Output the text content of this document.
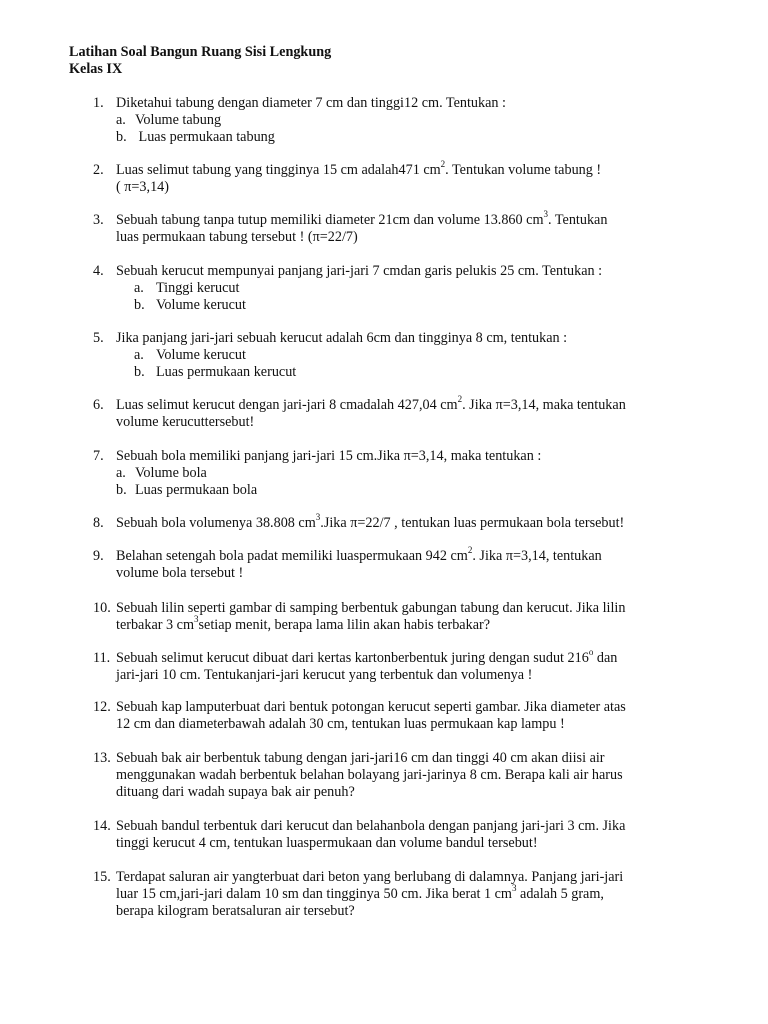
Latihan Soal Bangun Ruang Sisi Lengkung
Kelas IX
1. Diketahui tabung dengan diameter 7 cm dan tinggi12 cm. Tentukan :
a. Volume tabung
b. Luas permukaan tabung
2. Luas selimut tabung yang tingginya 15 cm adalah471 $cm^2$. Tentukan volume tabung !
( π=3,14)
3. Sebuah tabung tanpa tutup memiliki diameter 21cm dan volume 13.860 $cm^3$. Tentukan
luas permukaan tabung tersebut ! (π=22/7)
4. Sebuah kerucut mempunyai panjang jari-jari 7 cmdan garis pelukis 25 cm. Tentukan :
a. Tinggi kerucut
b. Volume kerucut
5. Jika panjang jari-jari sebuah kerucut adalah 6cm dan tingginya 8 cm, tentukan :
a. Volume kerucut
b. Luas permukaan kerucut
6. Luas selimut kerucut dengan jari-jari 8 cmadalah 427,04 $cm^2$. Jika π=3,14, maka tentukan
volume kerucuttersebut!
7. Sebuah bola memiliki panjang jari-jari 15 cm.Jika π=3,14, maka tentukan :
a. Volume bola
b. Luas permukaan bola
8. Sebuah bola volumenya 38.808 $cm^3.Jika$ π=22/7 , tentukan luas permukaan bola tersebut!
9. Belahan setengah bola padat memiliki luaspermukaan 942 $cm^2$. Jika π=3,14, tentukan
volume bola tersebut !
10. Sebuah lilin seperti gambar di samping berbentuk gabungan tabung dan kerucut. Jika lilin
terbakar 3 $cm^3setiap$ menit, berapa lama lilin akan habis terbakar?
11. Sebuah selimut kerucut dibuat dari kertas kartonberbentuk juring dengan sudut 216$^o$ dan
jari-jari 10 cm. Tentukanjari-jari kerucut yang terbentuk dan volumenya !
12. Sebuah kap lamputerbuat dari bentuk potongan kerucut seperti gambar. Jika diameter atas
12 cm dan diameterbawah adalah 30 cm, tentukan luas permukaan kap lampu !
13. Sebuah bak air berbentuk tabung dengan jari-jari16 cm dan tinggi 40 cm akan diisi air
menggunakan wadah berbentuk belahan bolayang jari-jarinya 8 cm. Berapa kali air harus
dituang dari wadah supaya bak air penuh?
14. Sebuah bandul terbentuk dari kerucut dan belahanbola dengan panjang jari-jari 3 cm. Jika
tinggi kerucut 4 cm, tentukan luaspermukaan dan volume bandul tersebut!
15. Terdapat saluran air yangterbuat dari beton yang berlubang di dalamnya. Panjang jari-jari
luar 15 cm,jari-jari dalam 10 sm dan tingginya 50 cm. Jika berat 1 $cm^3$ adalah 5 gram,
berapa kilogram beratsaluran air tersebut?
